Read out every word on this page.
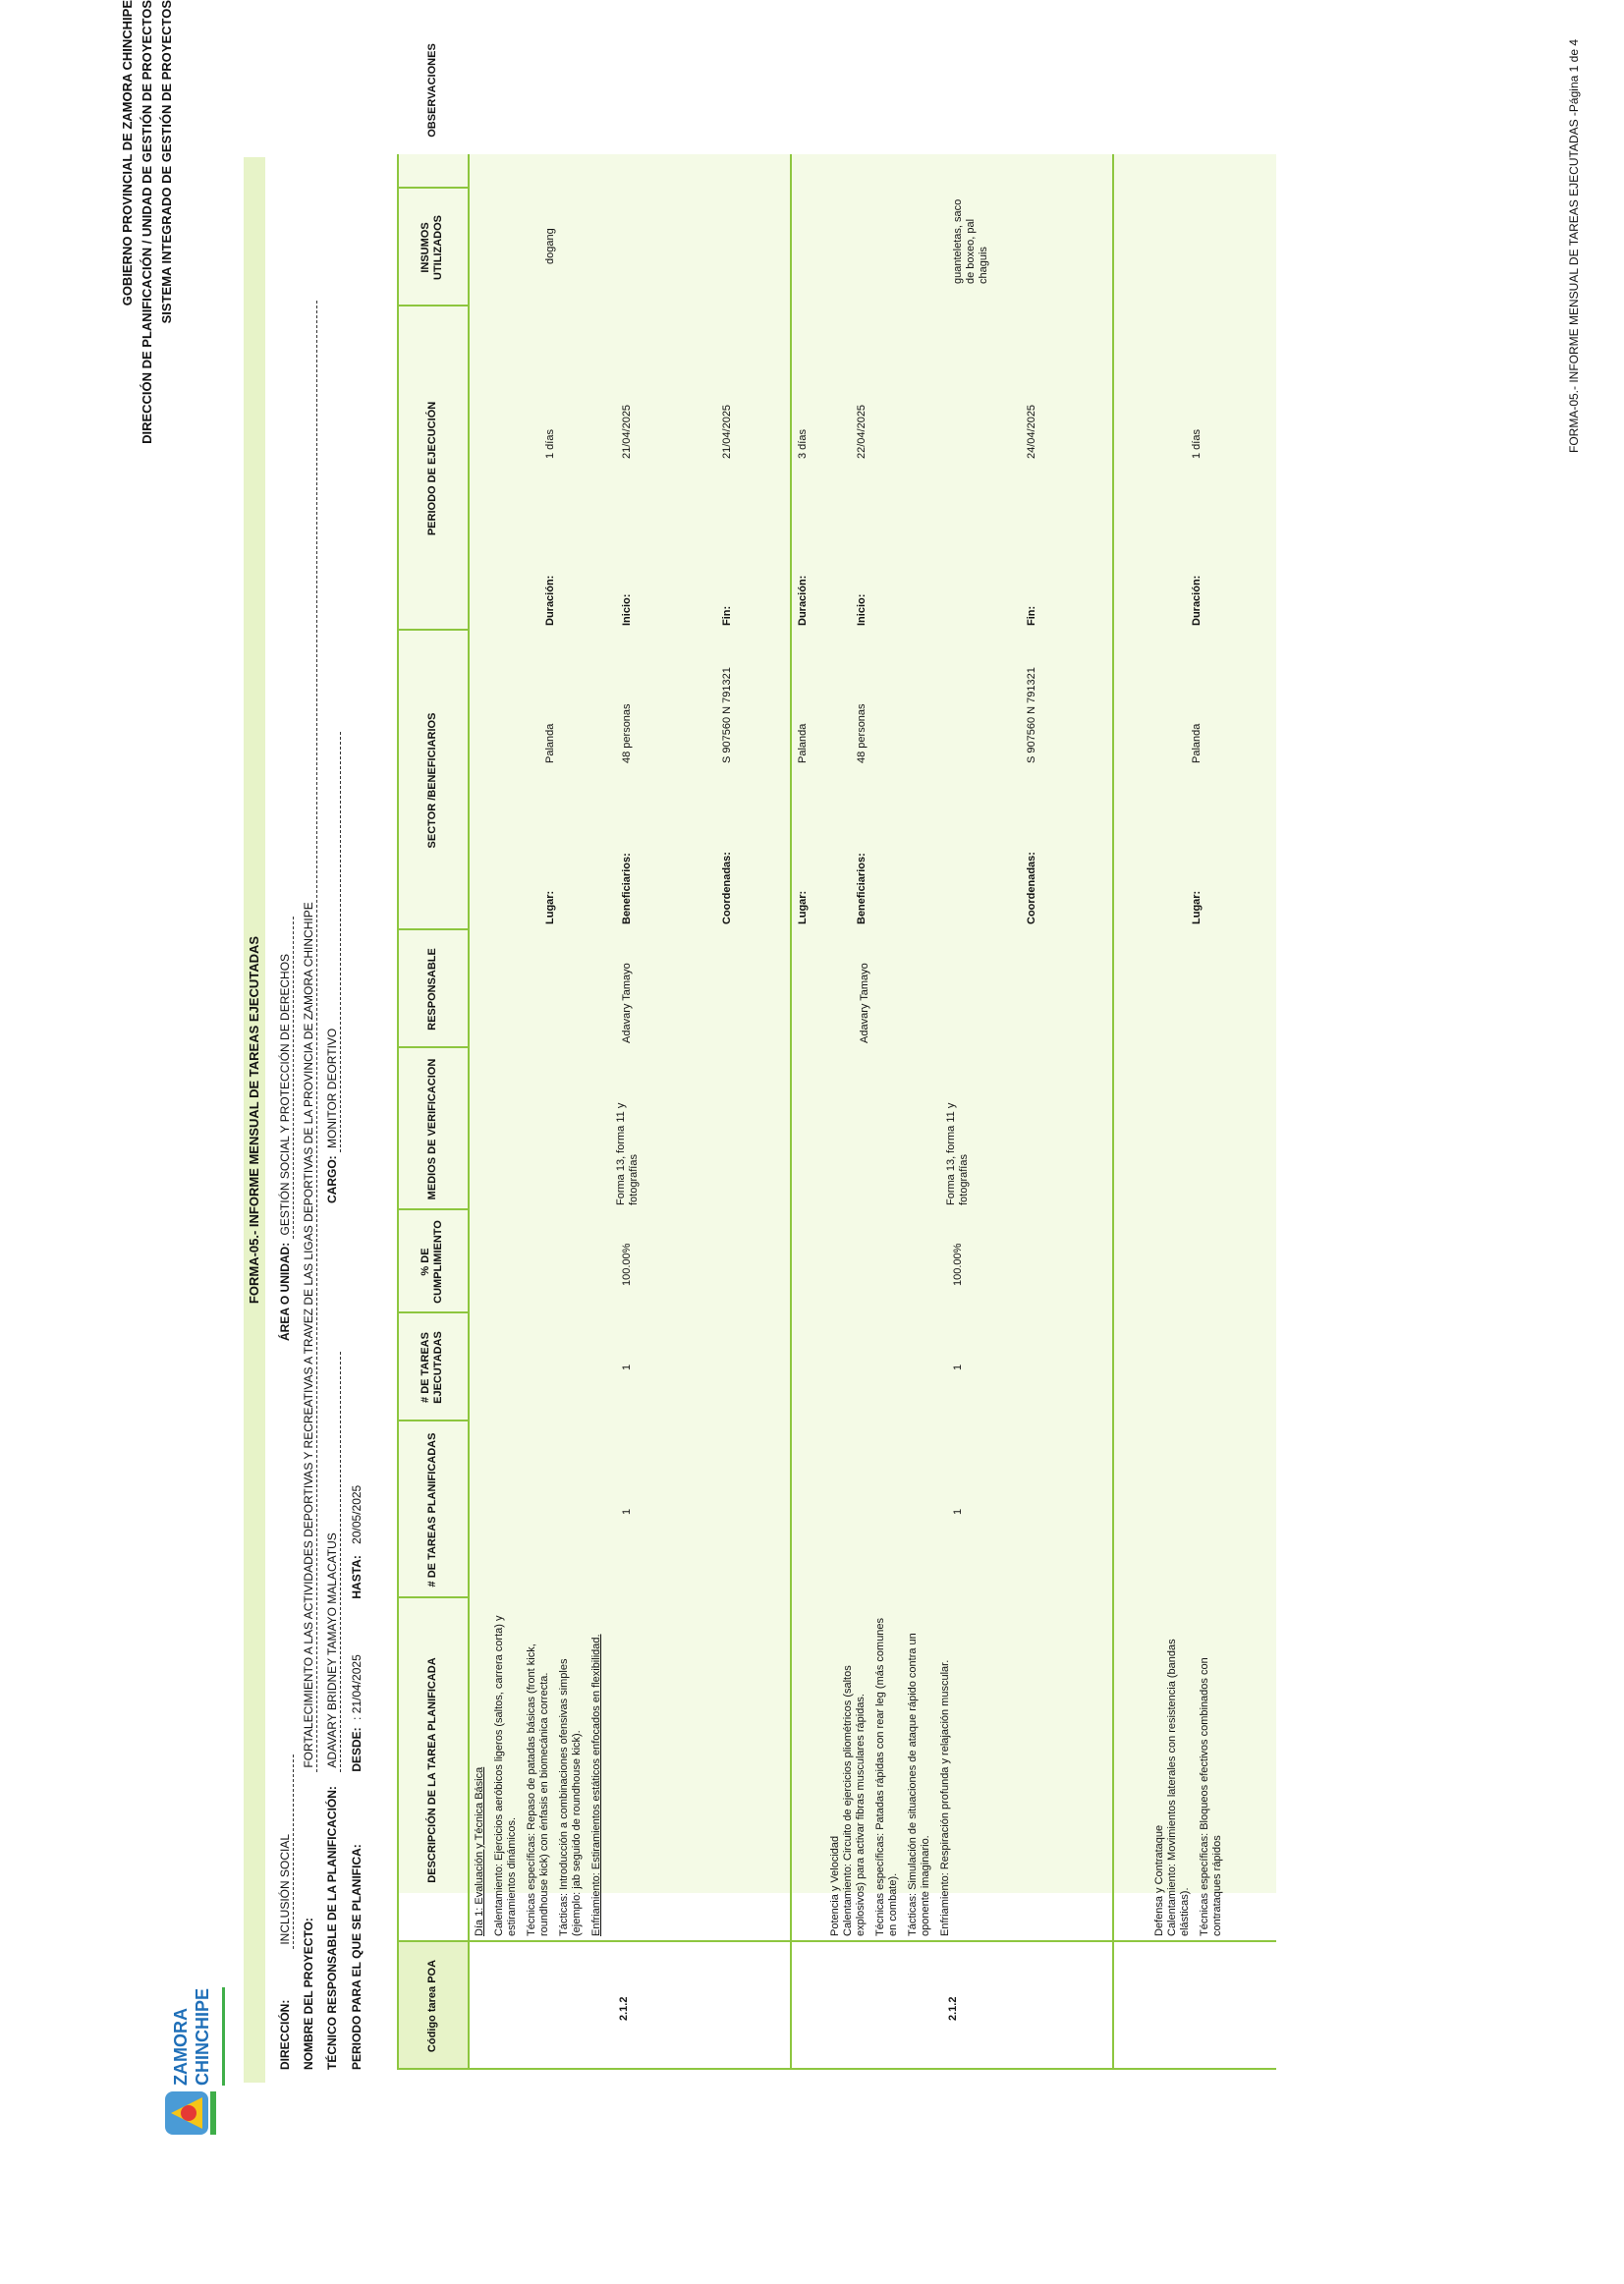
ZAMORA CHINCHIPE
GOBIERNO PROVINCIAL DE ZAMORA CHINCHIPE DIRECCIÓN DE PLANIFICACIÓN / UNIDAD DE GESTIÓN DE PROYECTOS SISTEMA INTEGRADO DE GESTIÓN DE PROYECTOS
FORMA-05.- INFORME MENSUAL DE TAREAS EJECUTADAS
DIRECCIÓN: INCLUSIÓN SOCIAL
ÁREA O UNIDAD: GESTIÓN SOCIAL Y PROTECCIÓN DE DERECHOS
NOMBRE DEL PROYECTO: FORTALECIMIENTO A LAS ACTIVIDADES DEPORTIVAS Y RECREATIVAS A TRAVEZ DE LAS LIGAS DEPORTIVAS DE LA PROVINCIA DE ZAMORA CHINCHIPE
TÉCNICO RESPONSABLE DE LA PLANIFICACIÓN: ADAVARY BRIDNEY TAMAYO MALACATUS
CARGO: MONITOR DEORTIVO
PERIODO PARA EL QUE SE PLANIFICA: DESDE: : 21/04/2025 HASTA: 20/05/2025
Código tarea POA
DESCRIPCIÓN DE LA TAREA PLANIFICADA
# DE TAREAS PLANIFICADAS
# DE TAREAS EJECUTADAS
% DE CUMPLIMIENTO
MEDIOS DE VERIFICACION
RESPONSABLE
SECTOR /BENEFICIARIOS
PERIODO DE EJECUCIÓN
INSUMOS UTILIZADOS
OBSERVACIONES
2.1.2

Día 1: Evaluación y Técnica Básica Calentamiento: Ejercicios aeróbicos ligeros (saltos, carrera corta) y estiramientos dinámicos. Técnicas específicas: Repaso de patadas básicas (front kick, roundhouse kick) con énfasis en biomecánica correcta. Tácticas: Introducción a combinaciones ofensivas simples (ejemplo: jab seguido de roundhouse kick). Enfriamiento: Estiramientos estáticos enfocados en flexibilidad.

1
1
100.00%
Forma 13, forma 11 y fotografías
Adavary Tamayo
Lugar:
Palanda
Beneficiarios:
48 personas
Coordenadas:
S 907560 N 791321
Duración:
1 días
Inicio:
21/04/2025
Fin:
21/04/2025
dogang
2.1.2

Potencia y Velocidad Calentamiento: Circuito de ejercicios pliométricos (saltos explosivos) para activar fibras musculares rápidas. Técnicas específicas: Patadas rápidas con rear leg (más comunes en combate). Tácticas: Simulación de situaciones de ataque rápido contra un oponente imaginario. Enfriamiento: Respiración profunda y relajación muscular.

1
1
100.00%
Forma 13, forma 11 y fotografías
Adavary Tamayo
Lugar:
Palanda
Beneficiarios:
48 personas
Coordenadas:
S 907560 N 791321
Duración:
3 días
Inicio:
22/04/2025
Fin:
24/04/2025
guanteletas, saco de boxeo, pal chaguis

Defensa y Contrataque Calentamiento: Movimientos laterales con resistencia (bandas elásticas). Técnicas específicas: Bloqueos efectivos combinados con contrataques rápidos

Lugar:
Palanda
Duración:
1 días	FORMA-05.- INFORME MENSUAL DE TAREAS EJECUTADAS -Página 1 de 4
